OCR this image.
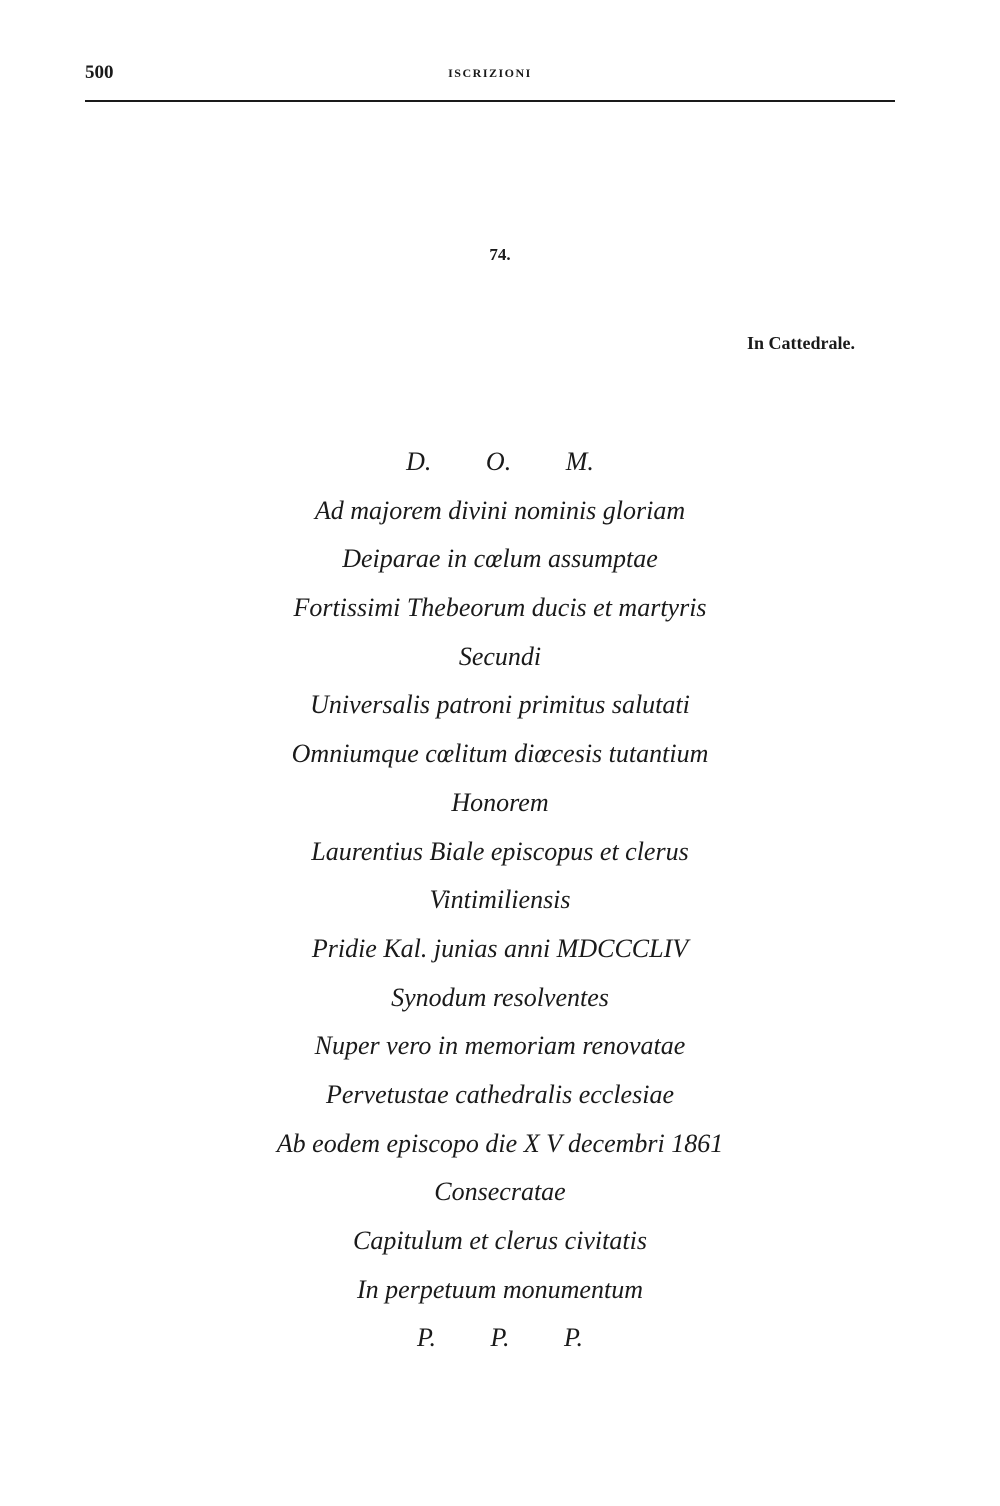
500	ISCRIZIONI
74.
In Cattedrale.
D. O. M.
Ad majorem divini nominis gloriam
Deiparae in cœlum assumptae
Fortissimi Thebeorum ducis et martyris
Secundi
Universalis patroni primitus salutati
Omniumque cœlitum diœcesis tutantium
Honorem
Laurentius Biale episcopus et clerus
Vintimiliensis
Pridie Kal. junias anni MDCCCLIV
Synodum resolventes
Nuper vero in memoriam renovatae
Pervetustae cathedralis ecclesiae
Ab eodem episcopo die X V decembri 1861
Consecratae
Capitulum et clerus civitatis
In perpetuum monumentum
P. P. P.
